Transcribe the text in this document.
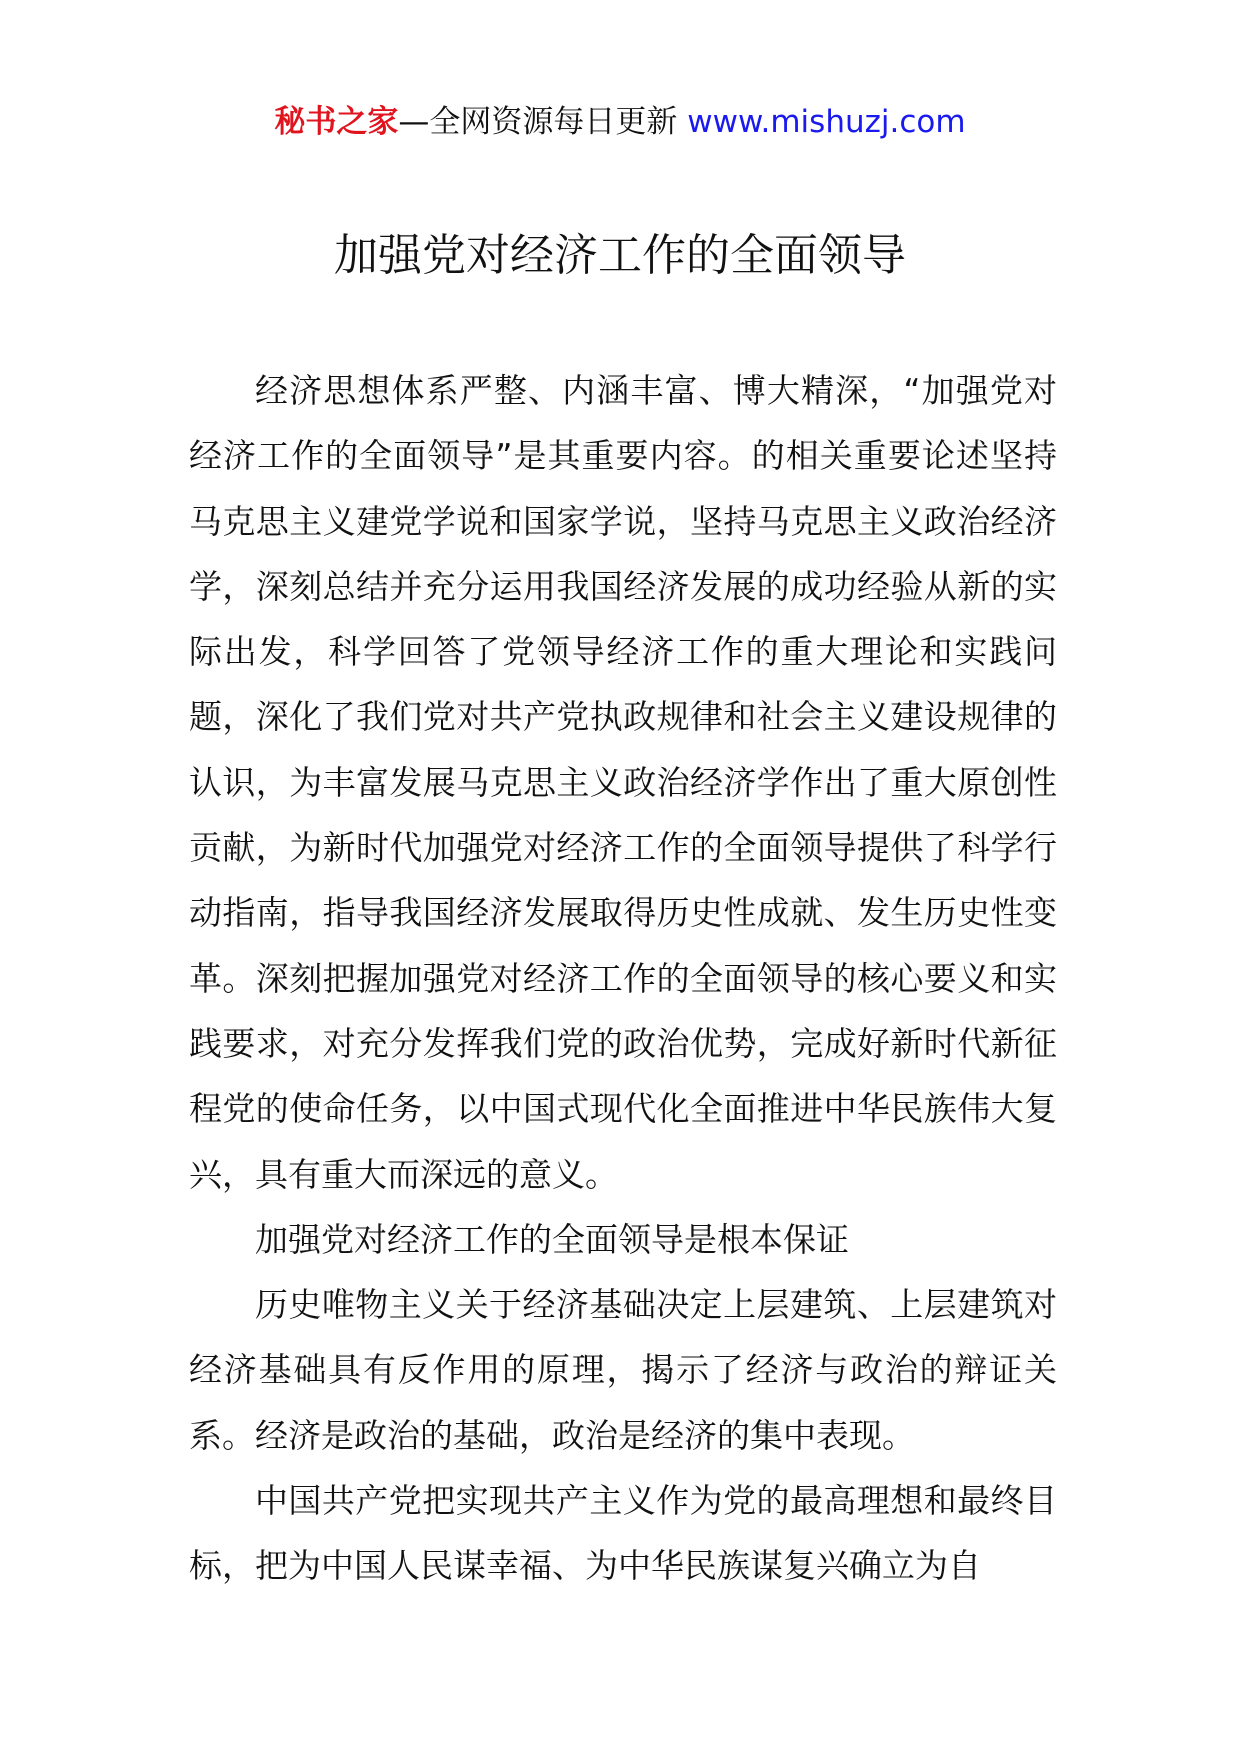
秘书之家—全网资源每日更新 www.mishuzj.com
加强党对经济工作的全面领导

经济思想体系严整、内涵丰富、博大精深，“加强党对经济工作的全面领导”是其重要内容。的相关重要论述坚持马克思主义建党学说和国家学说，坚持马克思主义政治经济学，深刻总结并充分运用我国经济发展的成功经验从新的实际出发，科学回答了党领导经济工作的重大理论和实践问题，深化了我们党对共产党执政规律和社会主义建设规律的认识，为丰富发展马克思主义政治经济学作出了重大原创性贡献，为新时代加强党对经济工作的全面领导提供了科学行动指南，指导我国经济发展取得历史性成就、发生历史性变革。深刻把握加强党对经济工作的全面领导的核心要义和实践要求，对充分发挥我们党的政治优势，完成好新时代新征程党的使命任务，以中国式现代化全面推进中华民族伟大复兴，具有重大而深远的意义。

加强党对经济工作的全面领导是根本保证

历史唯物主义关于经济基础决定上层建筑、上层建筑对经济基础具有反作用的原理，揭示了经济与政治的辩证关系。经济是政治的基础，政治是经济的集中表现。

中国共产党把实现共产主义作为党的最高理想和最终目标，把为中国人民谋幸福、为中华民族谋复兴确立为自
